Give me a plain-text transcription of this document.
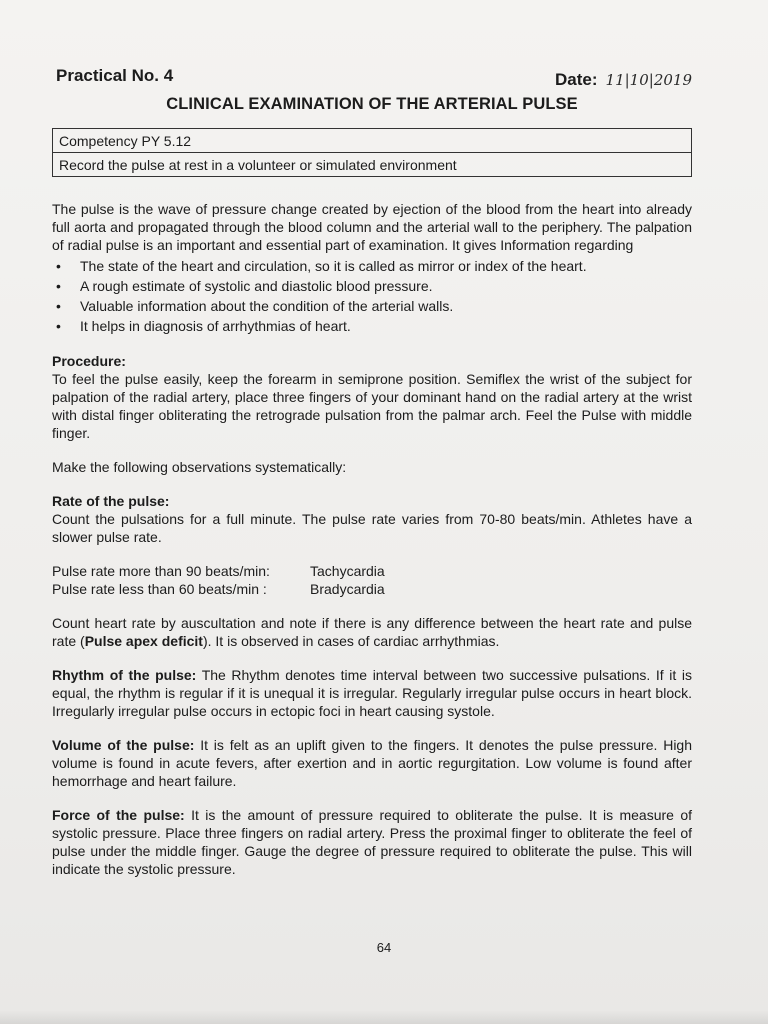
Practical No. 4	Date: 11|10|2019
CLINICAL EXAMINATION OF THE ARTERIAL PULSE
Competency PY 5.12
Record the pulse at rest in a volunteer or simulated environment

The pulse is the wave of pressure change created by ejection of the blood from the heart into already full aorta and propagated through the blood column and the arterial wall to the periphery. The palpation of radial pulse is an important and essential part of examination. It gives Information regarding

• The state of the heart and circulation, so it is called as mirror or index of the heart.
• A rough estimate of systolic and diastolic blood pressure.
• Valuable information about the condition of the arterial walls.
• It helps in diagnosis of arrhythmias of heart.
Procedure:

To feel the pulse easily, keep the forearm in semiprone position. Semiflex the wrist of the subject for palpation of the radial artery, place three fingers of your dominant hand on the radial artery at the wrist with distal finger obliterating the retrograde pulsation from the palmar arch. Feel the Pulse with middle finger.

Make the following observations systematically:

Rate of the pulse:

Count the pulsations for a full minute. The pulse rate varies from 70-80 beats/min. Athletes have a slower pulse rate.

Pulse rate more than 90 beats/min:	Tachycardia
Pulse rate less than 60 beats/min :	Bradycardia

Count heart rate by auscultation and note if there is any difference between the heart rate and pulse rate (Pulse apex deficit). It is observed in cases of cardiac arrhythmias.

Rhythm of the pulse: The Rhythm denotes time interval between two successive pulsations. If it is equal, the rhythm is regular if it is unequal it is irregular. Regularly irregular pulse occurs in heart block. Irregularly irregular pulse occurs in ectopic foci in heart causing systole.

Volume of the pulse: It is felt as an uplift given to the fingers. It denotes the pulse pressure. High volume is found in acute fevers, after exertion and in aortic regurgitation. Low volume is found after hemorrhage and heart failure.

Force of the pulse: It is the amount of pressure required to obliterate the pulse. It is measure of systolic pressure. Place three fingers on radial artery. Press the proximal finger to obliterate the feel of pulse under the middle finger. Gauge the degree of pressure required to obliterate the pulse. This will indicate the systolic pressure.

64
